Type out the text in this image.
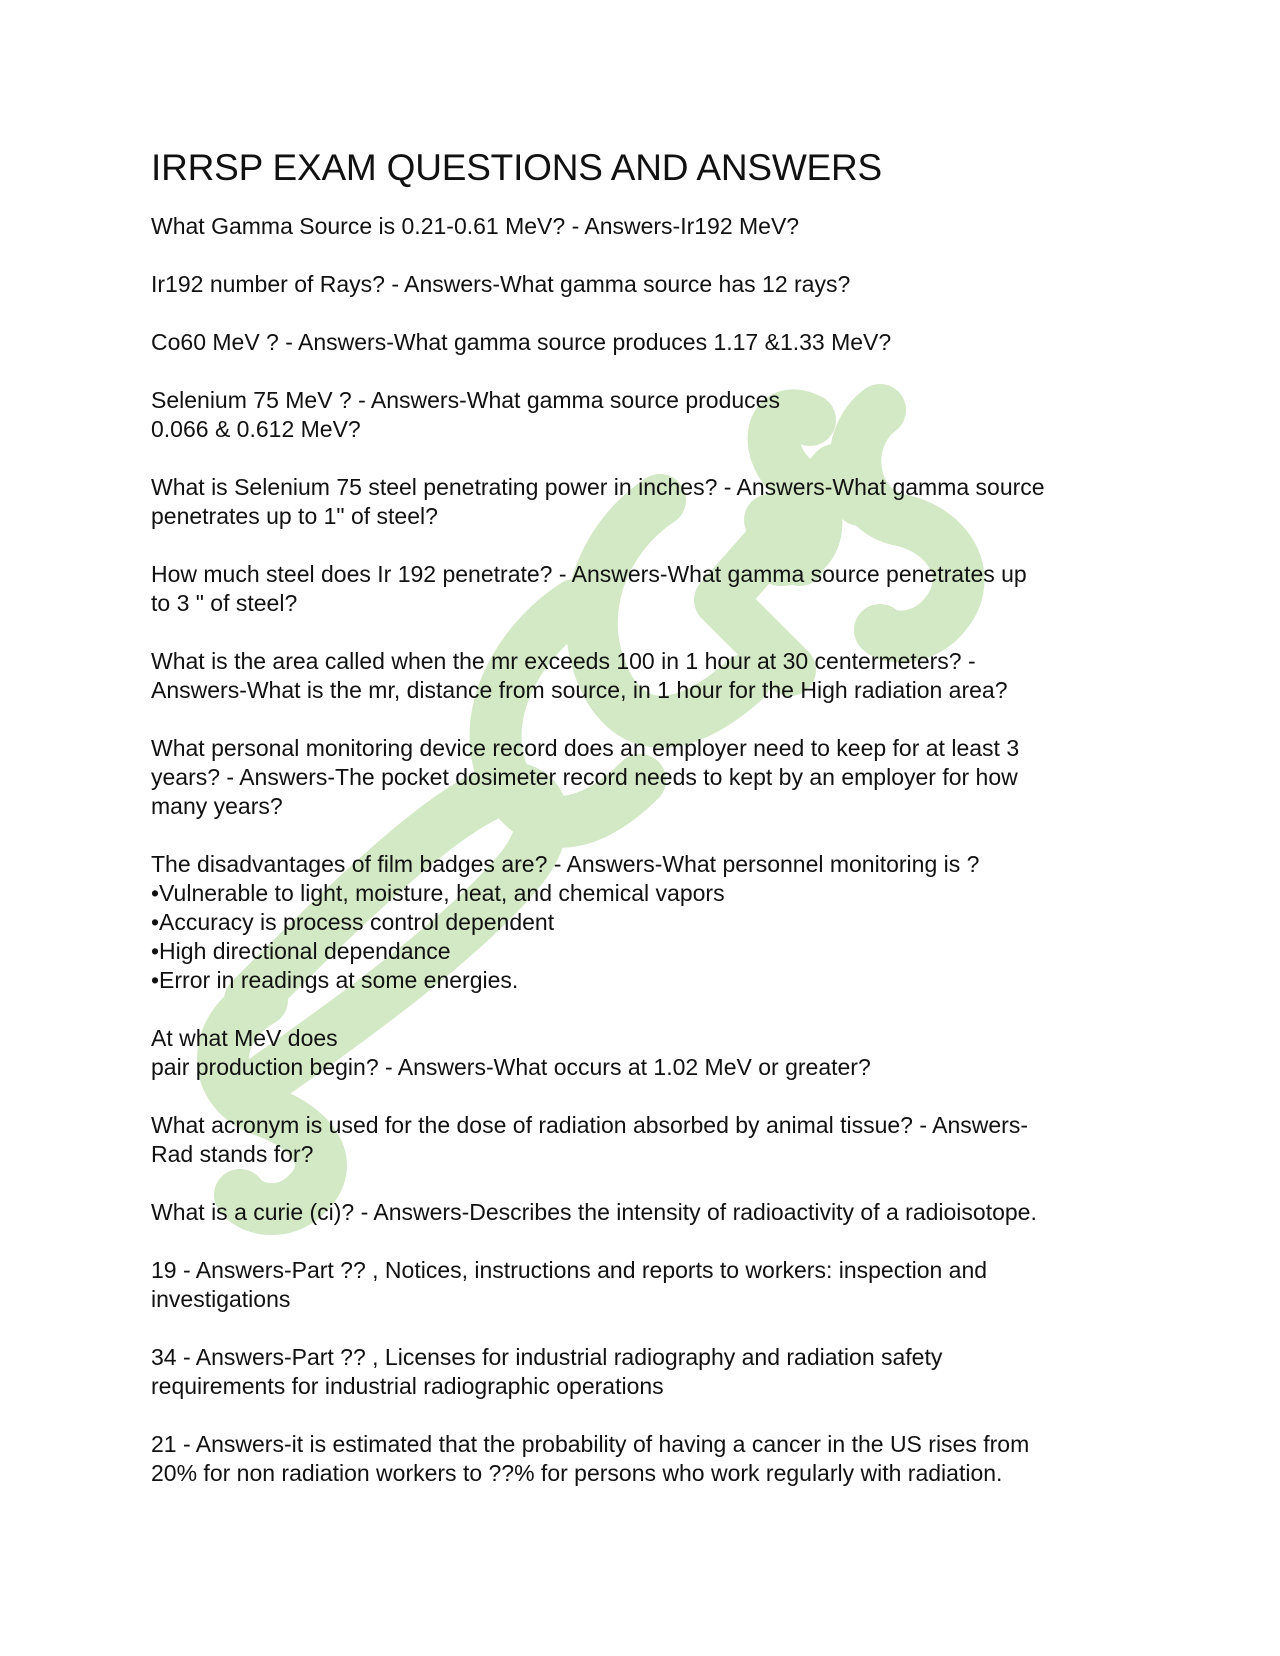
IRRSP EXAM QUESTIONS AND ANSWERS
What Gamma Source is 0.21-0.61 MeV? - Answers-Ir192 MeV?
Ir192 number of Rays? - Answers-What gamma source has 12 rays?
Co60 MeV ? - Answers-What gamma source produces 1.17 &1.33 MeV?
Selenium 75 MeV ? - Answers-What gamma source produces
0.066 & 0.612 MeV?
What is Selenium 75 steel penetrating power in inches? - Answers-What gamma source
penetrates up to 1" of steel?
How much steel does Ir 192 penetrate? - Answers-What gamma source penetrates up
to 3 " of steel?
What is the area called when the mr exceeds 100 in 1 hour at 30 centermeters? -
Answers-What is the mr, distance from source, in 1 hour for the High radiation area?
What personal monitoring device record does an employer need to keep for at least 3
years? - Answers-The pocket dosimeter record needs to kept by an employer for how
many years?
The disadvantages of film badges are? - Answers-What personnel monitoring is ?
•Vulnerable to light, moisture, heat, and chemical vapors
•Accuracy is process control dependent
•High directional dependance
•Error in readings at some energies.
At what MeV does
pair production begin? - Answers-What occurs at 1.02 MeV or greater?
What acronym is used for the dose of radiation absorbed by animal tissue? - Answers-
Rad stands for?
What is a curie (ci)? - Answers-Describes the intensity of radioactivity of a radioisotope.
19 - Answers-Part ?? , Notices, instructions and reports to workers: inspection and
investigations
34 - Answers-Part ?? , Licenses for industrial radiography and radiation safety
requirements for industrial radiographic operations
21 - Answers-it is estimated that the probability of having a cancer in the US rises from
20% for non radiation workers to ??% for persons who work regularly with radiation.
